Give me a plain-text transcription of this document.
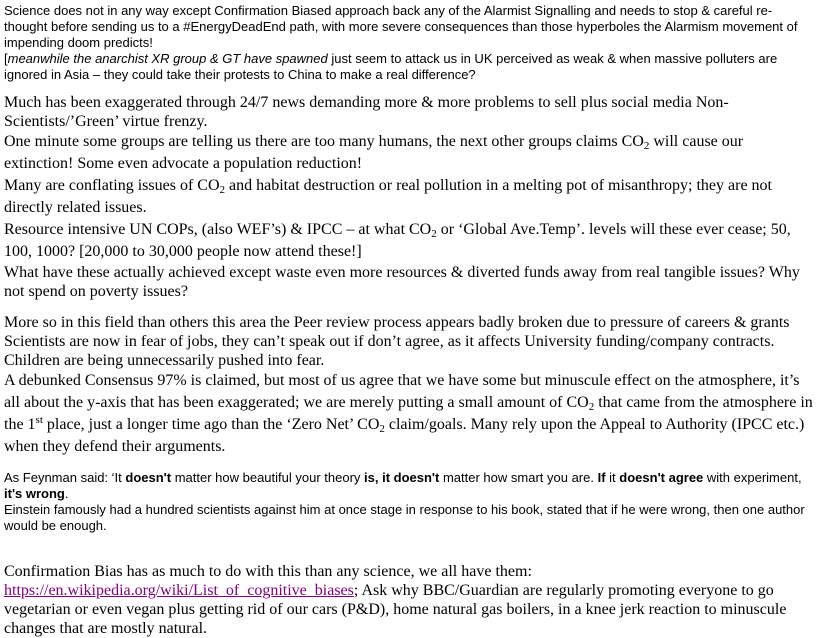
Science does not in any way except Confirmation Biased approach back any of the Alarmist Signalling and needs to stop & careful re-thought before sending us to a #EnergyDeadEnd path, with more severe consequences than those hyperboles the Alarmism movement of impending doom predicts!

[meanwhile the anarchist XR group & GT have spawned just seem to attack us in UK perceived as weak & when massive polluters are ignored in Asia – they could take their protests to China to make a real difference?

Much has been exaggerated through 24/7 news demanding more & more problems to sell plus social media Non-Scientists/’Green’ virtue frenzy.

One minute some groups are telling us there are too many humans, the next other groups claims $CO_2$ will cause our extinction! Some even advocate a population reduction!

Many are conflating issues of $CO_2$ and habitat destruction or real pollution in a melting pot of misanthropy; they are not directly related issues.

Resource intensive UN COPs, (also WEF’s) & IPCC – at what $CO_2$ or ‘Global Ave.Temp’. levels will these ever cease; 50, 100, 1000? [20,000 to 30,000 people now attend these!]

What have these actually achieved except waste even more resources & diverted funds away from real tangible issues? Why not spend on poverty issues?

More so in this field than others this area the Peer review process appears badly broken due to pressure of careers & grants Scientists are now in fear of jobs, they can’t speak out if don’t agree, as it affects University funding/company contracts. Children are being unnecessarily pushed into fear.

A debunked Consensus 97% is claimed, but most of us agree that we have some but minuscule effect on the atmosphere, it’s all about the y-axis that has been exaggerated; we are merely putting a small amount of $CO_2$ that came from the atmosphere in the 1st place, just a longer time ago than the ‘Zero Net’ $CO_2$ claim/goals. Many rely upon the Appeal to Authority (IPCC etc.) when they defend their arguments.

As Feynman said: ‘It doesn't matter how beautiful your theory is, it doesn't matter how smart you are. If it doesn't agree with experiment, it's wrong.

Einstein famously had a hundred scientists against him at once stage in response to his book, stated that if he were wrong, then one author would be enough.

Confirmation Bias has as much to do with this than any science, we all have them: https://en.wikipedia.org/wiki/List_of_cognitive_biases; Ask why BBC/Guardian are regularly promoting everyone to go vegetarian or even vegan plus getting rid of our cars (P&D), home natural gas boilers, in a knee jerk reaction to minuscule changes that are mostly natural.
